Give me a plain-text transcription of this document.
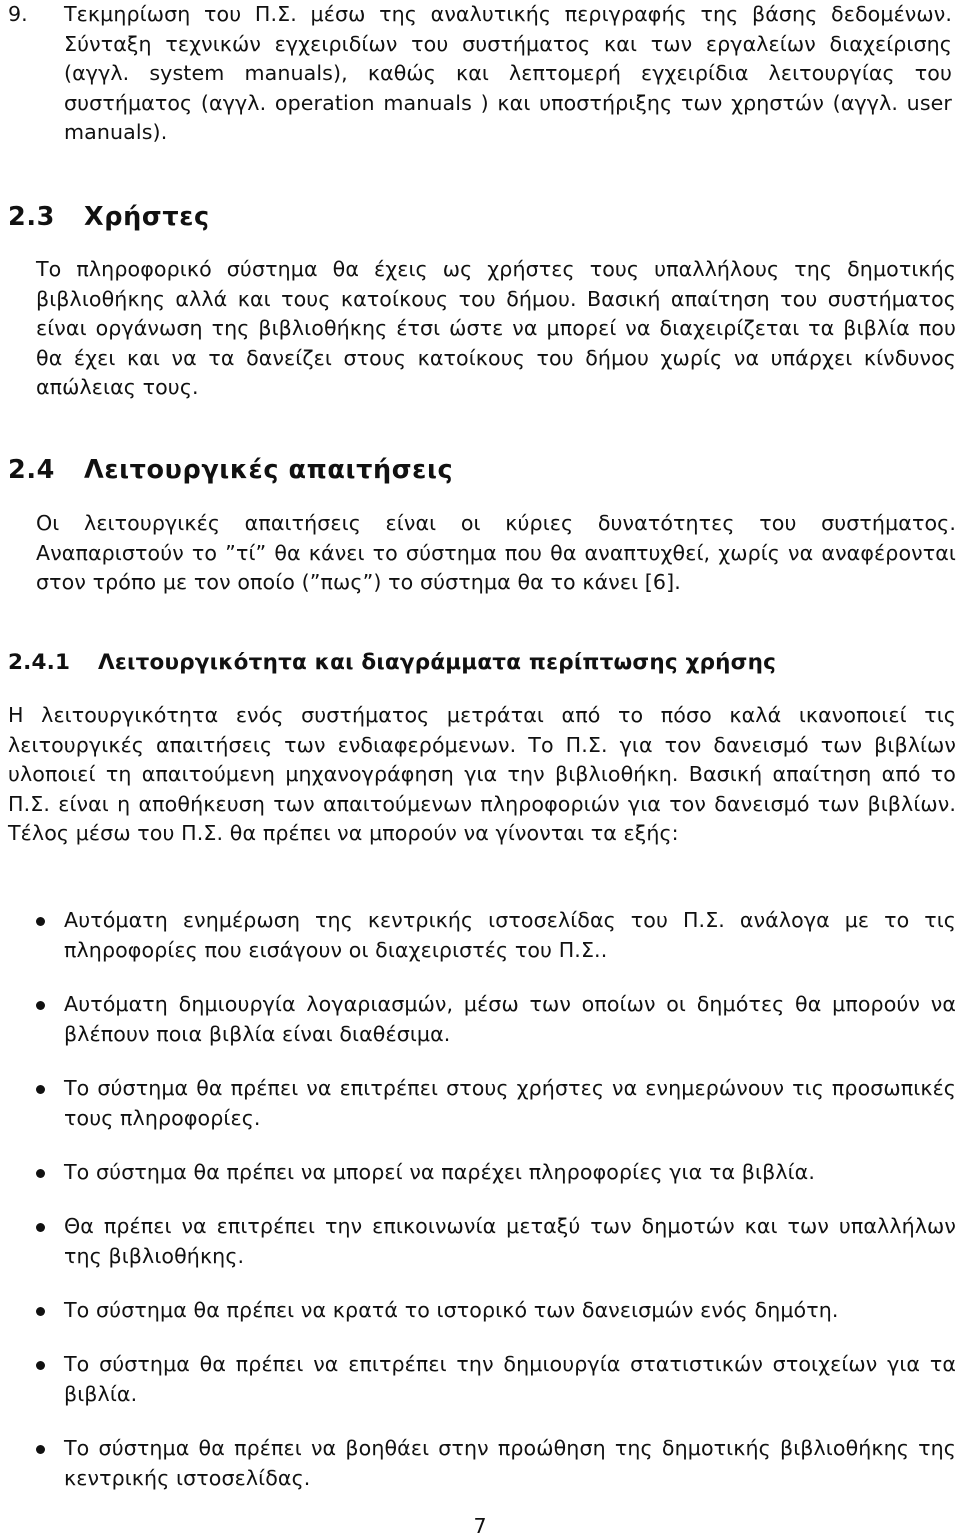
9. Τεκμηρίωση του Π.Σ. μέσω της αναλυτικής περιγραφής της βάσης δεδομένων. Σύνταξη τεχνικών εγχειριδίων του συστήματος και των εργαλείων διαχείρισης (αγγλ. system manuals), καθώς και λεπτομερή εγχειρίδια λειτουργίας του συστήματος (αγγλ. operation manuals ) και υποστήριξης των χρηστών (αγγλ. user manuals).

2.3 Χρήστες

Το πληροφορικό σύστημα θα έχεις ως χρήστες τους υπαλλήλους της δημοτικής βιβλιοθήκης αλλά και τους κατοίκους του δήμου. Βασική απαίτηση του συστήματος είναι οργάνωση της βιβλιοθήκης έτσι ώστε να μπορεί να διαχειρίζεται τα βιβλία που θα έχει και να τα δανείζει στους κατοίκους του δήμου χωρίς να υπάρχει κίνδυνος απώλειας τους.

2.4 Λειτουργικές απαιτήσεις

Οι λειτουργικές απαιτήσεις είναι οι κύριες δυνατότητες του συστήματος. Αναπαριστούν το ”τί” θα κάνει το σύστημα που θα αναπτυχθεί, χωρίς να αναφέρονται στον τρόπο με τον οποίο (”πως”) το σύστημα θα το κάνει [6].

2.4.1 Λειτουργικότητα και διαγράμματα περίπτωσης χρήσης

Η λειτουργικότητα ενός συστήματος μετράται από το πόσο καλά ικανοποιεί τις λειτουργικές απαιτήσεις των ενδιαφερόμενων. Το Π.Σ. για τον δανεισμό των βιβλίων υλοποιεί τη απαιτούμενη μηχανογράφηση για την βιβλιοθήκη. Βασική απαίτηση από το Π.Σ. είναι η αποθήκευση των απαιτούμενων πληροφοριών για τον δανεισμό των βιβλίων. Τέλος μέσω του Π.Σ. θα πρέπει να μπορούν να γίνονται τα εξής:

Αυτόματη ενημέρωση της κεντρικής ιστοσελίδας του Π.Σ. ανάλογα με το τις πληροφορίες που εισάγουν οι διαχειριστές του Π.Σ..

Αυτόματη δημιουργία λογαριασμών, μέσω των οποίων οι δημότες θα μπορούν να βλέπουν ποια βιβλία είναι διαθέσιμα.

Το σύστημα θα πρέπει να επιτρέπει στους χρήστες να ενημερώνουν τις προσωπικές τους πληροφορίες.

Το σύστημα θα πρέπει να μπορεί να παρέχει πληροφορίες για τα βιβλία.

Θα πρέπει να επιτρέπει την επικοινωνία μεταξύ των δημοτών και των υπαλλήλων της βιβλιοθήκης.

Το σύστημα θα πρέπει να κρατά το ιστορικό των δανεισμών ενός δημότη.

Το σύστημα θα πρέπει να επιτρέπει την δημιουργία στατιστικών στοιχείων για τα βιβλία.

Το σύστημα θα πρέπει να βοηθάει στην προώθηση της δημοτικής βιβλιοθήκης της κεντρικής ιστοσελίδας.

7
